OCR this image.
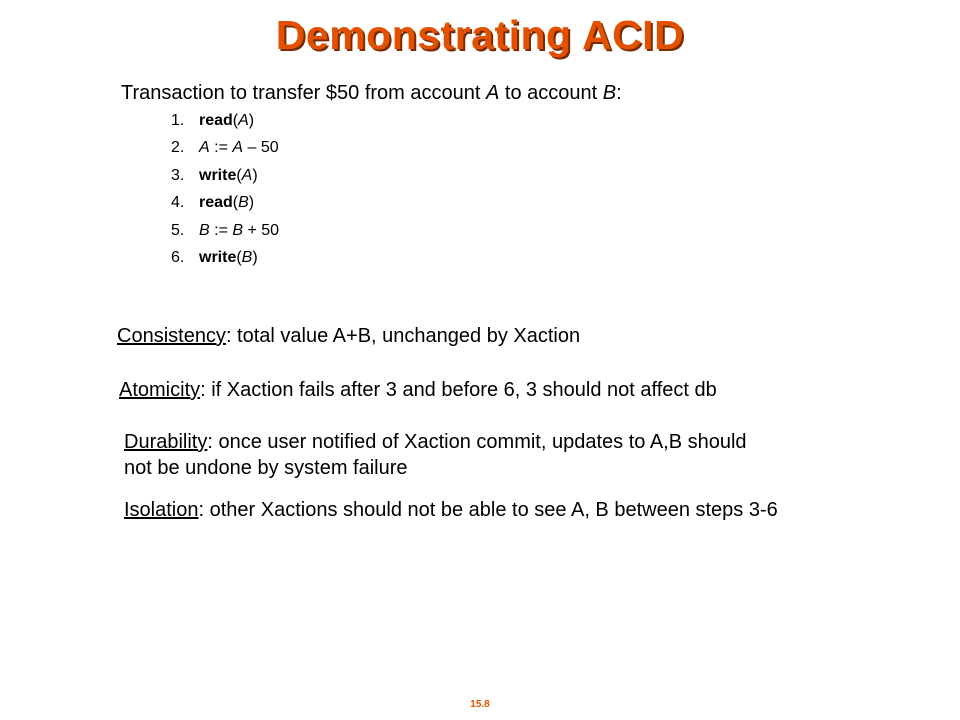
Demonstrating ACID
Transaction to transfer $50 from account A to account B:
1. read(A)
2. A := A – 50
3. write(A)
4. read(B)
5. B := B + 50
6. write(B)
Consistency: total value A+B, unchanged by Xaction
Atomicity: if Xaction fails after 3 and before 6, 3 should not affect db
Durability: once user notified of Xaction commit, updates to A,B should
not be undone by system failure
Isolation: other Xactions should not be able to see A, B between steps 3-6
15.8
